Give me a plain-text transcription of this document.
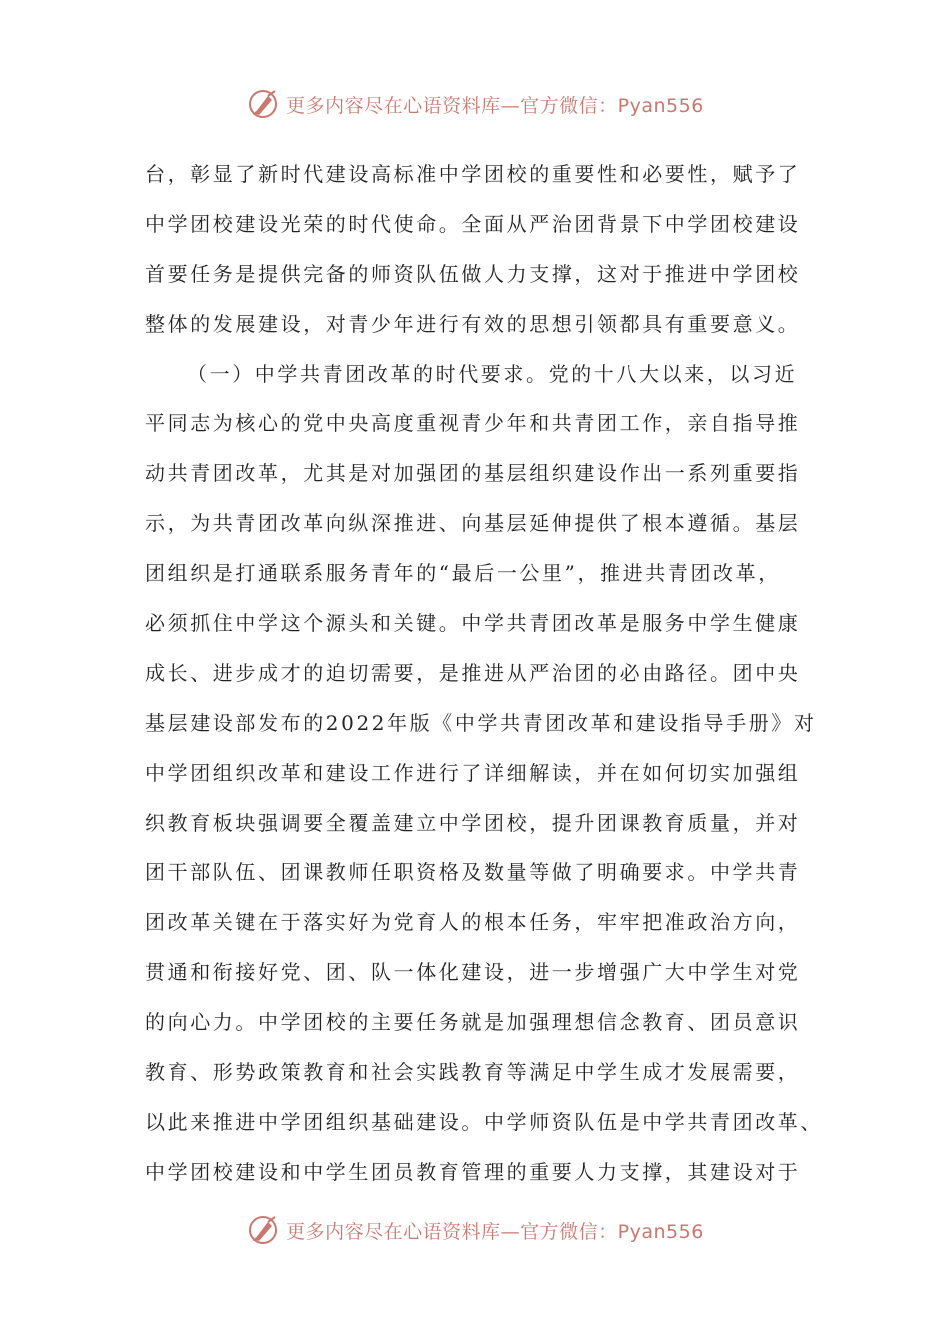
更多内容尽在心语资料库—官方微信：Pyan556
台，彰显了新时代建设高标准中学团校的重要性和必要性，赋予了
中学团校建设光荣的时代使命。全面从严治团背景下中学团校建设
首要任务是提供完备的师资队伍做人力支撑，这对于推进中学团校
整体的发展建设，对青少年进行有效的思想引领都具有重要意义。
（一）中学共青团改革的时代要求。党的十八大以来，以习近
平同志为核心的党中央高度重视青少年和共青团工作，亲自指导推
动共青团改革，尤其是对加强团的基层组织建设作出一系列重要指
示，为共青团改革向纵深推进、向基层延伸提供了根本遵循。基层
团组织是打通联系服务青年的“最后一公里”，推进共青团改革，
必须抓住中学这个源头和关键。中学共青团改革是服务中学生健康
成长、进步成才的迫切需要，是推进从严治团的必由路径。团中央
基层建设部发布的2022年版《中学共青团改革和建设指导手册》对
中学团组织改革和建设工作进行了详细解读，并在如何切实加强组
织教育板块强调要全覆盖建立中学团校，提升团课教育质量，并对
团干部队伍、团课教师任职资格及数量等做了明确要求。中学共青
团改革关键在于落实好为党育人的根本任务，牢牢把准政治方向，
贯通和衔接好党、团、队一体化建设，进一步增强广大中学生对党
的向心力。中学团校的主要任务就是加强理想信念教育、团员意识
教育、形势政策教育和社会实践教育等满足中学生成才发展需要，
以此来推进中学团组织基础建设。中学师资队伍是中学共青团改革、
中学团校建设和中学生团员教育管理的重要人力支撑，其建设对于
更多内容尽在心语资料库—官方微信：Pyan556
